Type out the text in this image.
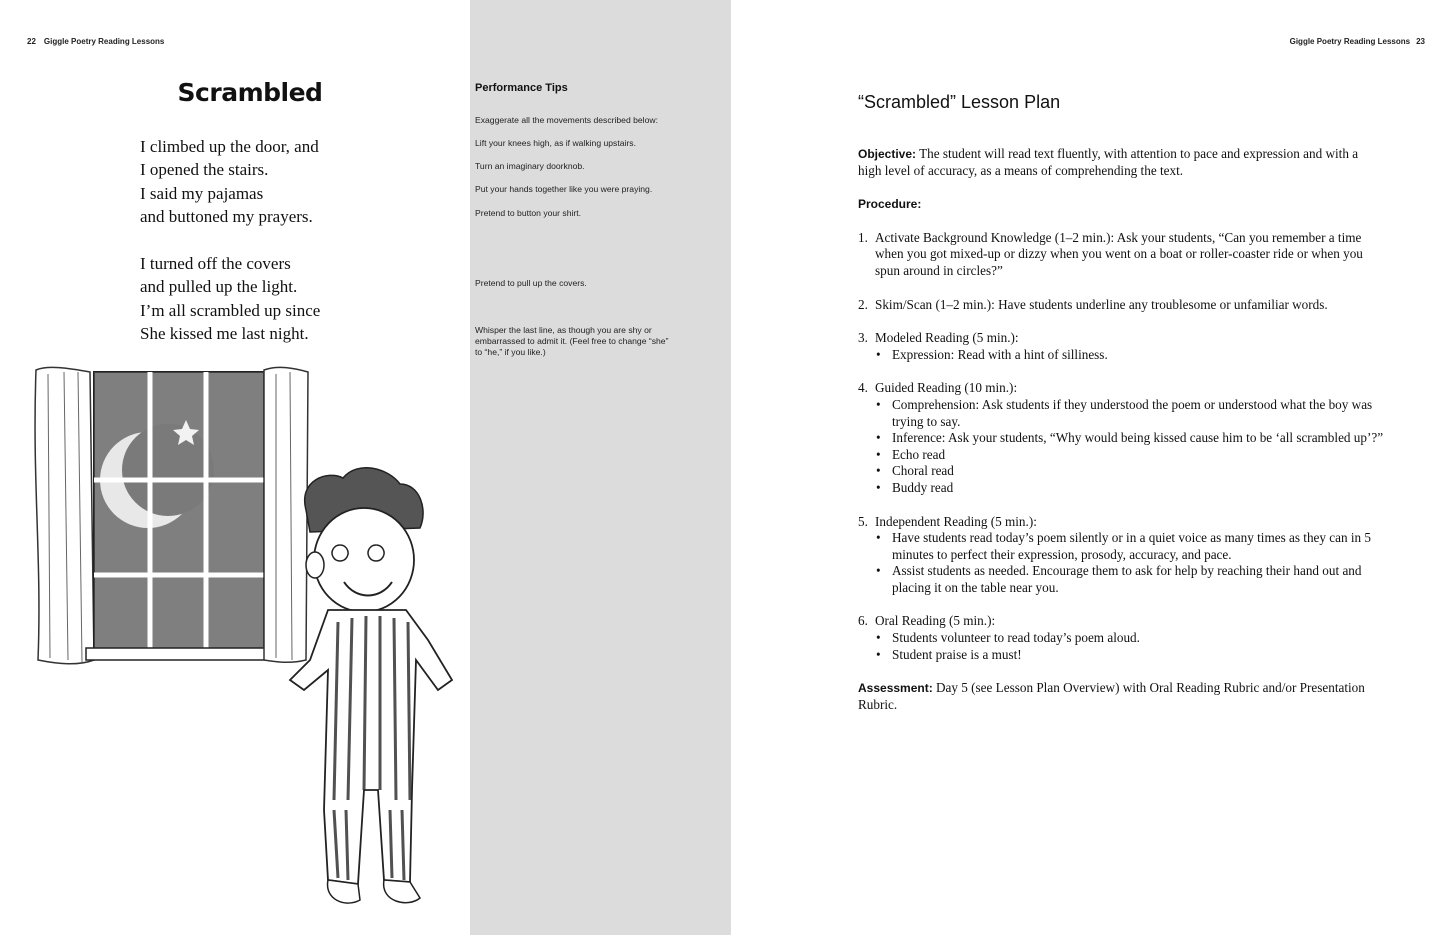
22 Giggle Poetry Reading Lessons	Giggle Poetry Reading Lessons 23
Scrambled

I climbed up the door, and

I opened the stairs.

I said my pajamas

and buttoned my prayers.

I turned off the covers

and pulled up the light.

I’m all scrambled up since

She kissed me last night.

Performance Tips
Exaggerate all the movements described below:
Lift your knees high, as if walking upstairs.
Turn an imaginary doorknob.
Put your hands together like you were praying.
Pretend to button your shirt.
Pretend to pull up the covers.
Whisper the last line, as though you are shy or embarrassed to admit it. (Feel free to change “she” to “he,” if you like.)
“Scrambled” Lesson Plan

Objective: The student will read text fluently, with attention to pace and expression and with a high level of accuracy, as a means of comprehending the text.

Procedure:

1. Activate Background Knowledge (1–2 min.): Ask your students, “Can you remember a time when you got mixed-up or dizzy when you went on a boat or roller-coaster ride or when you spun around in circles?”
2. Skim/Scan (1–2 min.): Have students underline any troublesome or unfamiliar words.
3. Modeled Reading (5 min.):
• Expression: Read with a hint of silliness.
4. Guided Reading (10 min.):
• Comprehension: Ask students if they understood the poem or understood what the boy was trying to say.
• Inference: Ask your students, “Why would being kissed cause him to be ‘all scrambled up’?”
• Echo read
• Choral read
• Buddy read
5. Independent Reading (5 min.):
• Have students read today’s poem silently or in a quiet voice as many times as they can in 5 minutes to perfect their expression, prosody, accuracy, and pace.
• Assist students as needed. Encourage them to ask for help by reaching their hand out and placing it on the table near you.
6. Oral Reading (5 min.):
• Students volunteer to read today’s poem aloud.
• Student praise is a must!

Assessment: Day 5 (see Lesson Plan Overview) with Oral Reading Rubric and/or Presentation Rubric.
